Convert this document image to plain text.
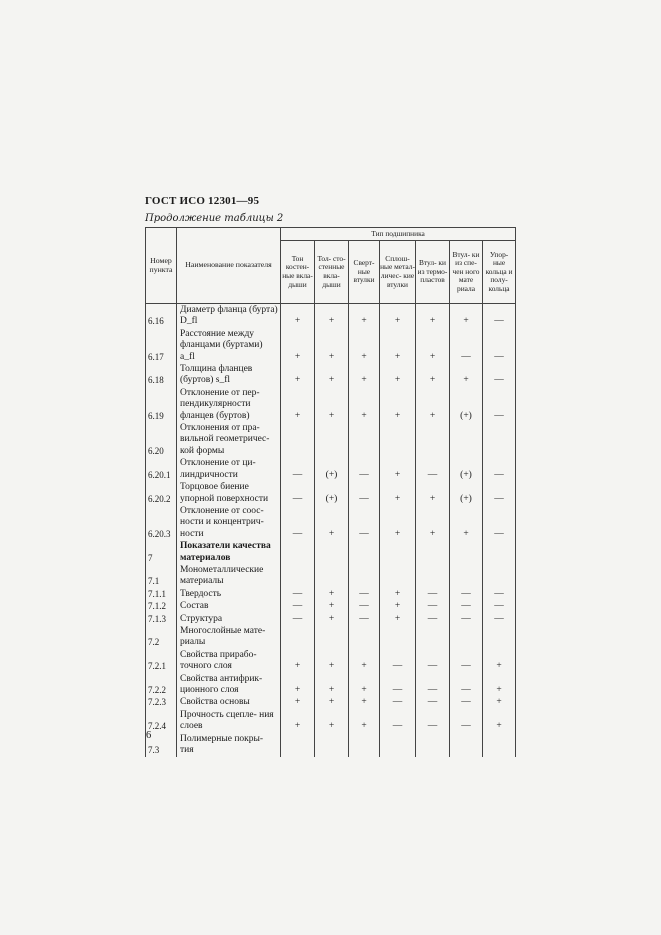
ГОСТ ИСО 12301—95
Продолжение таблицы 2
Номер пункта	Наименование показателя	Тип подшипника						
		Тон костен- ные вкла- дыши	Тол- сто- стенные вкла- дыши	Сверт- ные втулки	Сплош- ные метал- личес- кие втулки	Втул- ки из термо- пластов	Втул- ки из спе- чен ного мате риала	Упор- ные кольца и полу- кольца
6.16	Диаметр фланца (бурта) D_fl	+	+	+	+	+	+	—
6.17	Расстояние между фланцами (буртами) a_fl	+	+	+	+	+	—	—
6.18	Толщина фланцев (буртов) s_fl	+	+	+	+	+	+	—
6.19	Отклонение от пер- пендикулярности фланцев (буртов)	+	+	+	+	+	(+)	—
6.20	Отклонения от пра- вильной геометричес- кой формы							
6.20.1	Отклонение от ци- линдричности	—	(+)	—	+	—	(+)	—
6.20.2	Торцовое биение упорной поверхности	—	(+)	—	+	+	(+)	—
6.20.3	Отклонение от соос- ности и концентрич- ности	—	+	—	+	+	+	—
7	Показатели качества материалов							
7.1	Монометаллические материалы							
7.1.1	Твердость	—	+	—	+	—	—	—
7.1.2	Состав	—	+	—	+	—	—	—
7.1.3	Структура	—	+	—	+	—	—	—
7.2	Многослойные мате- риалы							
7.2.1	Свойства прирабо- точного слоя	+	+	+	—	—	—	+
7.2.2	Свойства антифрик- ционного слоя	+	+	+	—	—	—	+
7.2.3	Свойства основы	+	+	+	—	—	—	+
7.2.4	Прочность сцепле- ния слоев	+	+	+	—	—	—	+
7.3	Полимерные покры- тия							
6
